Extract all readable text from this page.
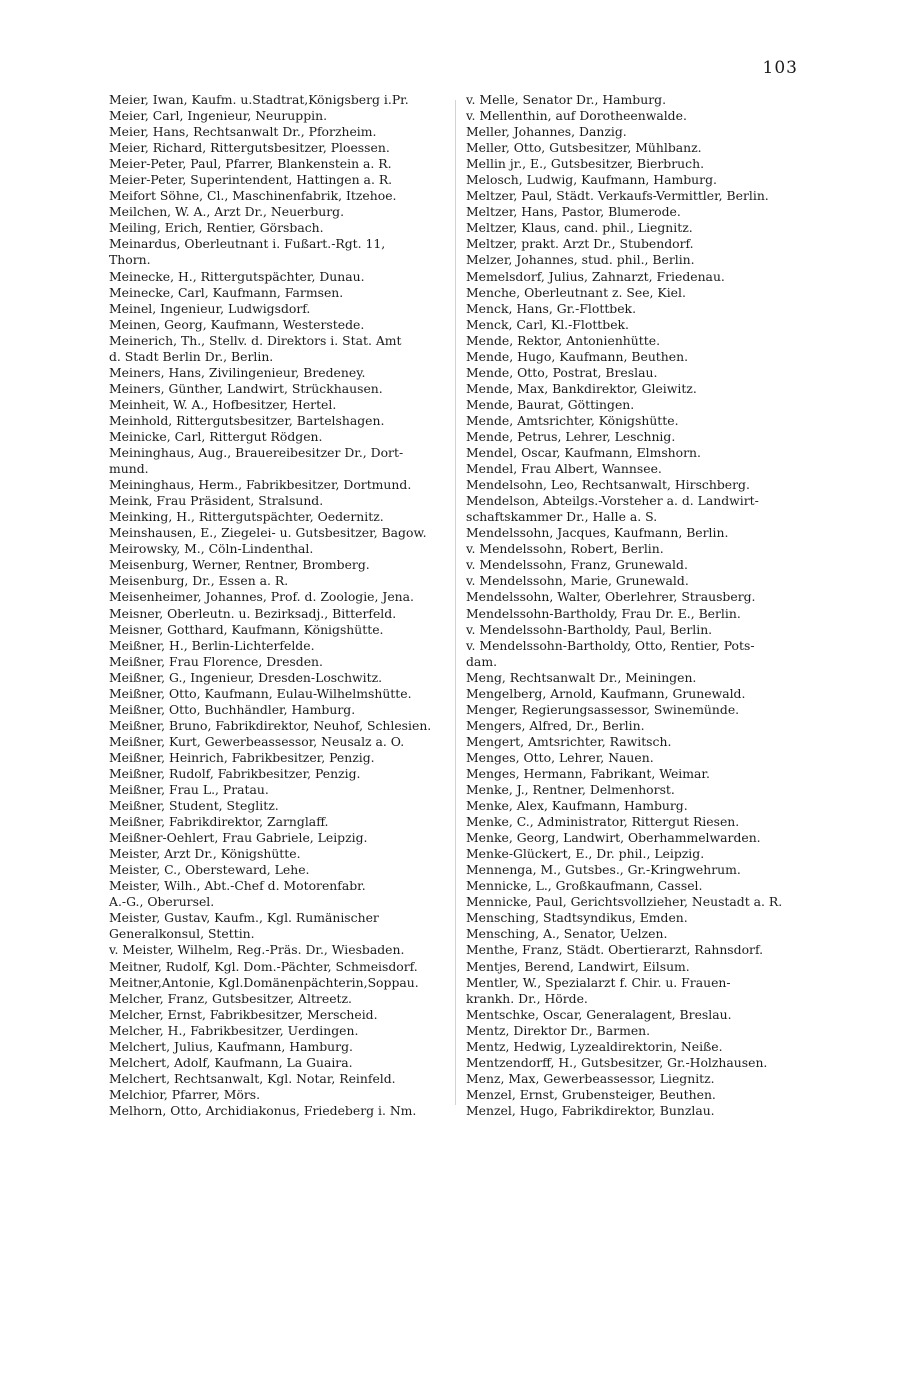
103
Meier, Iwan, Kaufm. u.Stadtrat,Königsberg i.Pr.
Meier, Carl, Ingenieur, Neuruppin.
Meier, Hans, Rechtsanwalt Dr., Pforzheim.
Meier, Richard, Rittergutsbesitzer, Ploessen.
Meier-Peter, Paul, Pfarrer, Blankenstein a. R.
Meier-Peter, Superintendent, Hattingen a. R.
Meifort Söhne, Cl., Maschinenfabrik, Itzehoe.
Meilchen, W. A., Arzt Dr., Neuerburg.
Meiling, Erich, Rentier, Görsbach.
Meinardus, Oberleutnant i. Fußart.-Rgt. 11,
Thorn.
Meinecke, H., Rittergutspächter, Dunau.
Meinecke, Carl, Kaufmann, Farmsen.
Meinel, Ingenieur, Ludwigsdorf.
Meinen, Georg, Kaufmann, Westerstede.
Meinerich, Th., Stellv. d. Direktors i. Stat. Amt
d. Stadt Berlin Dr., Berlin.
Meiners, Hans, Zivilingenieur, Bredeney.
Meiners, Günther, Landwirt, Strückhausen.
Meinheit, W. A., Hofbesitzer, Hertel.
Meinhold, Rittergutsbesitzer, Bartelshagen.
Meinicke, Carl, Rittergut Rödgen.
Meininghaus, Aug., Brauereibesitzer Dr., Dort-
mund.
Meininghaus, Herm., Fabrikbesitzer, Dortmund.
Meink, Frau Präsident, Stralsund.
Meinking, H., Rittergutspächter, Oedernitz.
Meinshausen, E., Ziegelei- u. Gutsbesitzer, Bagow.
Meirowsky, M., Cöln-Lindenthal.
Meisenburg, Werner, Rentner, Bromberg.
Meisenburg, Dr., Essen a. R.
Meisenheimer, Johannes, Prof. d. Zoologie, Jena.
Meisner, Oberleutn. u. Bezirksadj., Bitterfeld.
Meisner, Gotthard, Kaufmann, Königshütte.
Meißner, H., Berlin-Lichterfelde.
Meißner, Frau Florence, Dresden.
Meißner, G., Ingenieur, Dresden-Loschwitz.
Meißner, Otto, Kaufmann, Eulau-Wilhelmshütte.
Meißner, Otto, Buchhändler, Hamburg.
Meißner, Bruno, Fabrikdirektor, Neuhof, Schlesien.
Meißner, Kurt, Gewerbeassessor, Neusalz a. O.
Meißner, Heinrich, Fabrikbesitzer, Penzig.
Meißner, Rudolf, Fabrikbesitzer, Penzig.
Meißner, Frau L., Pratau.
Meißner, Student, Steglitz.
Meißner, Fabrikdirektor, Zarnglaff.
Meißner-Oehlert, Frau Gabriele, Leipzig.
Meister, Arzt Dr., Königshütte.
Meister, C., Obersteward, Lehe.
Meister, Wilh., Abt.-Chef d. Motorenfabr.
A.-G., Oberursel.
Meister, Gustav, Kaufm., Kgl. Rumänischer
Generalkonsul, Stettin.
v. Meister, Wilhelm, Reg.-Präs. Dr., Wiesbaden.
Meitner, Rudolf, Kgl. Dom.-Pächter, Schmeisdorf.
Meitner,Antonie, Kgl.Domänenpächterin,Soppau.
Melcher, Franz, Gutsbesitzer, Altreetz.
Melcher, Ernst, Fabrikbesitzer, Merscheid.
Melcher, H., Fabrikbesitzer, Uerdingen.
Melchert, Julius, Kaufmann, Hamburg.
Melchert, Adolf, Kaufmann, La Guaira.
Melchert, Rechtsanwalt, Kgl. Notar, Reinfeld.
Melchior, Pfarrer, Mörs.
Melhorn, Otto, Archidiakonus, Friedeberg i. Nm.
v. Melle, Senator Dr., Hamburg.
v. Mellenthin, auf Dorotheenwalde.
Meller, Johannes, Danzig.
Meller, Otto, Gutsbesitzer, Mühlbanz.
Mellin jr., E., Gutsbesitzer, Bierbruch.
Melosch, Ludwig, Kaufmann, Hamburg.
Meltzer, Paul, Städt. Verkaufs-Vermittler, Berlin.
Meltzer, Hans, Pastor, Blumerode.
Meltzer, Klaus, cand. phil., Liegnitz.
Meltzer, prakt. Arzt Dr., Stubendorf.
Melzer, Johannes, stud. phil., Berlin.
Memelsdorf, Julius, Zahnarzt, Friedenau.
Menche, Oberleutnant z. See, Kiel.
Menck, Hans, Gr.-Flottbek.
Menck, Carl, Kl.-Flottbek.
Mende, Rektor, Antonienhütte.
Mende, Hugo, Kaufmann, Beuthen.
Mende, Otto, Postrat, Breslau.
Mende, Max, Bankdirektor, Gleiwitz.
Mende, Baurat, Göttingen.
Mende, Amtsrichter, Königshütte.
Mende, Petrus, Lehrer, Leschnig.
Mendel, Oscar, Kaufmann, Elmshorn.
Mendel, Frau Albert, Wannsee.
Mendelsohn, Leo, Rechtsanwalt, Hirschberg.
Mendelson, Abteilgs.-Vorsteher a. d. Landwirt-
schaftskammer Dr., Halle a. S.
Mendelssohn, Jacques, Kaufmann, Berlin.
v. Mendelssohn, Robert, Berlin.
v. Mendelssohn, Franz, Grunewald.
v. Mendelssohn, Marie, Grunewald.
Mendelssohn, Walter, Oberlehrer, Strausberg.
Mendelssohn-Bartholdy, Frau Dr. E., Berlin.
v. Mendelssohn-Bartholdy, Paul, Berlin.
v. Mendelssohn-Bartholdy, Otto, Rentier, Pots-
dam.
Meng, Rechtsanwalt Dr., Meiningen.
Mengelberg, Arnold, Kaufmann, Grunewald.
Menger, Regierungsassessor, Swinemünde.
Mengers, Alfred, Dr., Berlin.
Mengert, Amtsrichter, Rawitsch.
Menges, Otto, Lehrer, Nauen.
Menges, Hermann, Fabrikant, Weimar.
Menke, J., Rentner, Delmenhorst.
Menke, Alex, Kaufmann, Hamburg.
Menke, C., Administrator, Rittergut Riesen.
Menke, Georg, Landwirt, Oberhammelwarden.
Menke-Glückert, E., Dr. phil., Leipzig.
Mennenga, M., Gutsbes., Gr.-Kringwehrum.
Mennicke, L., Großkaufmann, Cassel.
Mennicke, Paul, Gerichtsvollzieher, Neustadt a. R.
Mensching, Stadtsyndikus, Emden.
Mensching, A., Senator, Uelzen.
Menthe, Franz, Städt. Obertierarzt, Rahnsdorf.
Mentjes, Berend, Landwirt, Eilsum.
Mentler, W., Spezialarzt f. Chir. u. Frauen-
krankh. Dr., Hörde.
Mentschke, Oscar, Generalagent, Breslau.
Mentz, Direktor Dr., Barmen.
Mentz, Hedwig, Lyzealdirektorin, Neiße.
Mentzendorff, H., Gutsbesitzer, Gr.-Holzhausen.
Menz, Max, Gewerbeassessor, Liegnitz.
Menzel, Ernst, Grubensteiger, Beuthen.
Menzel, Hugo, Fabrikdirektor, Bunzlau.
